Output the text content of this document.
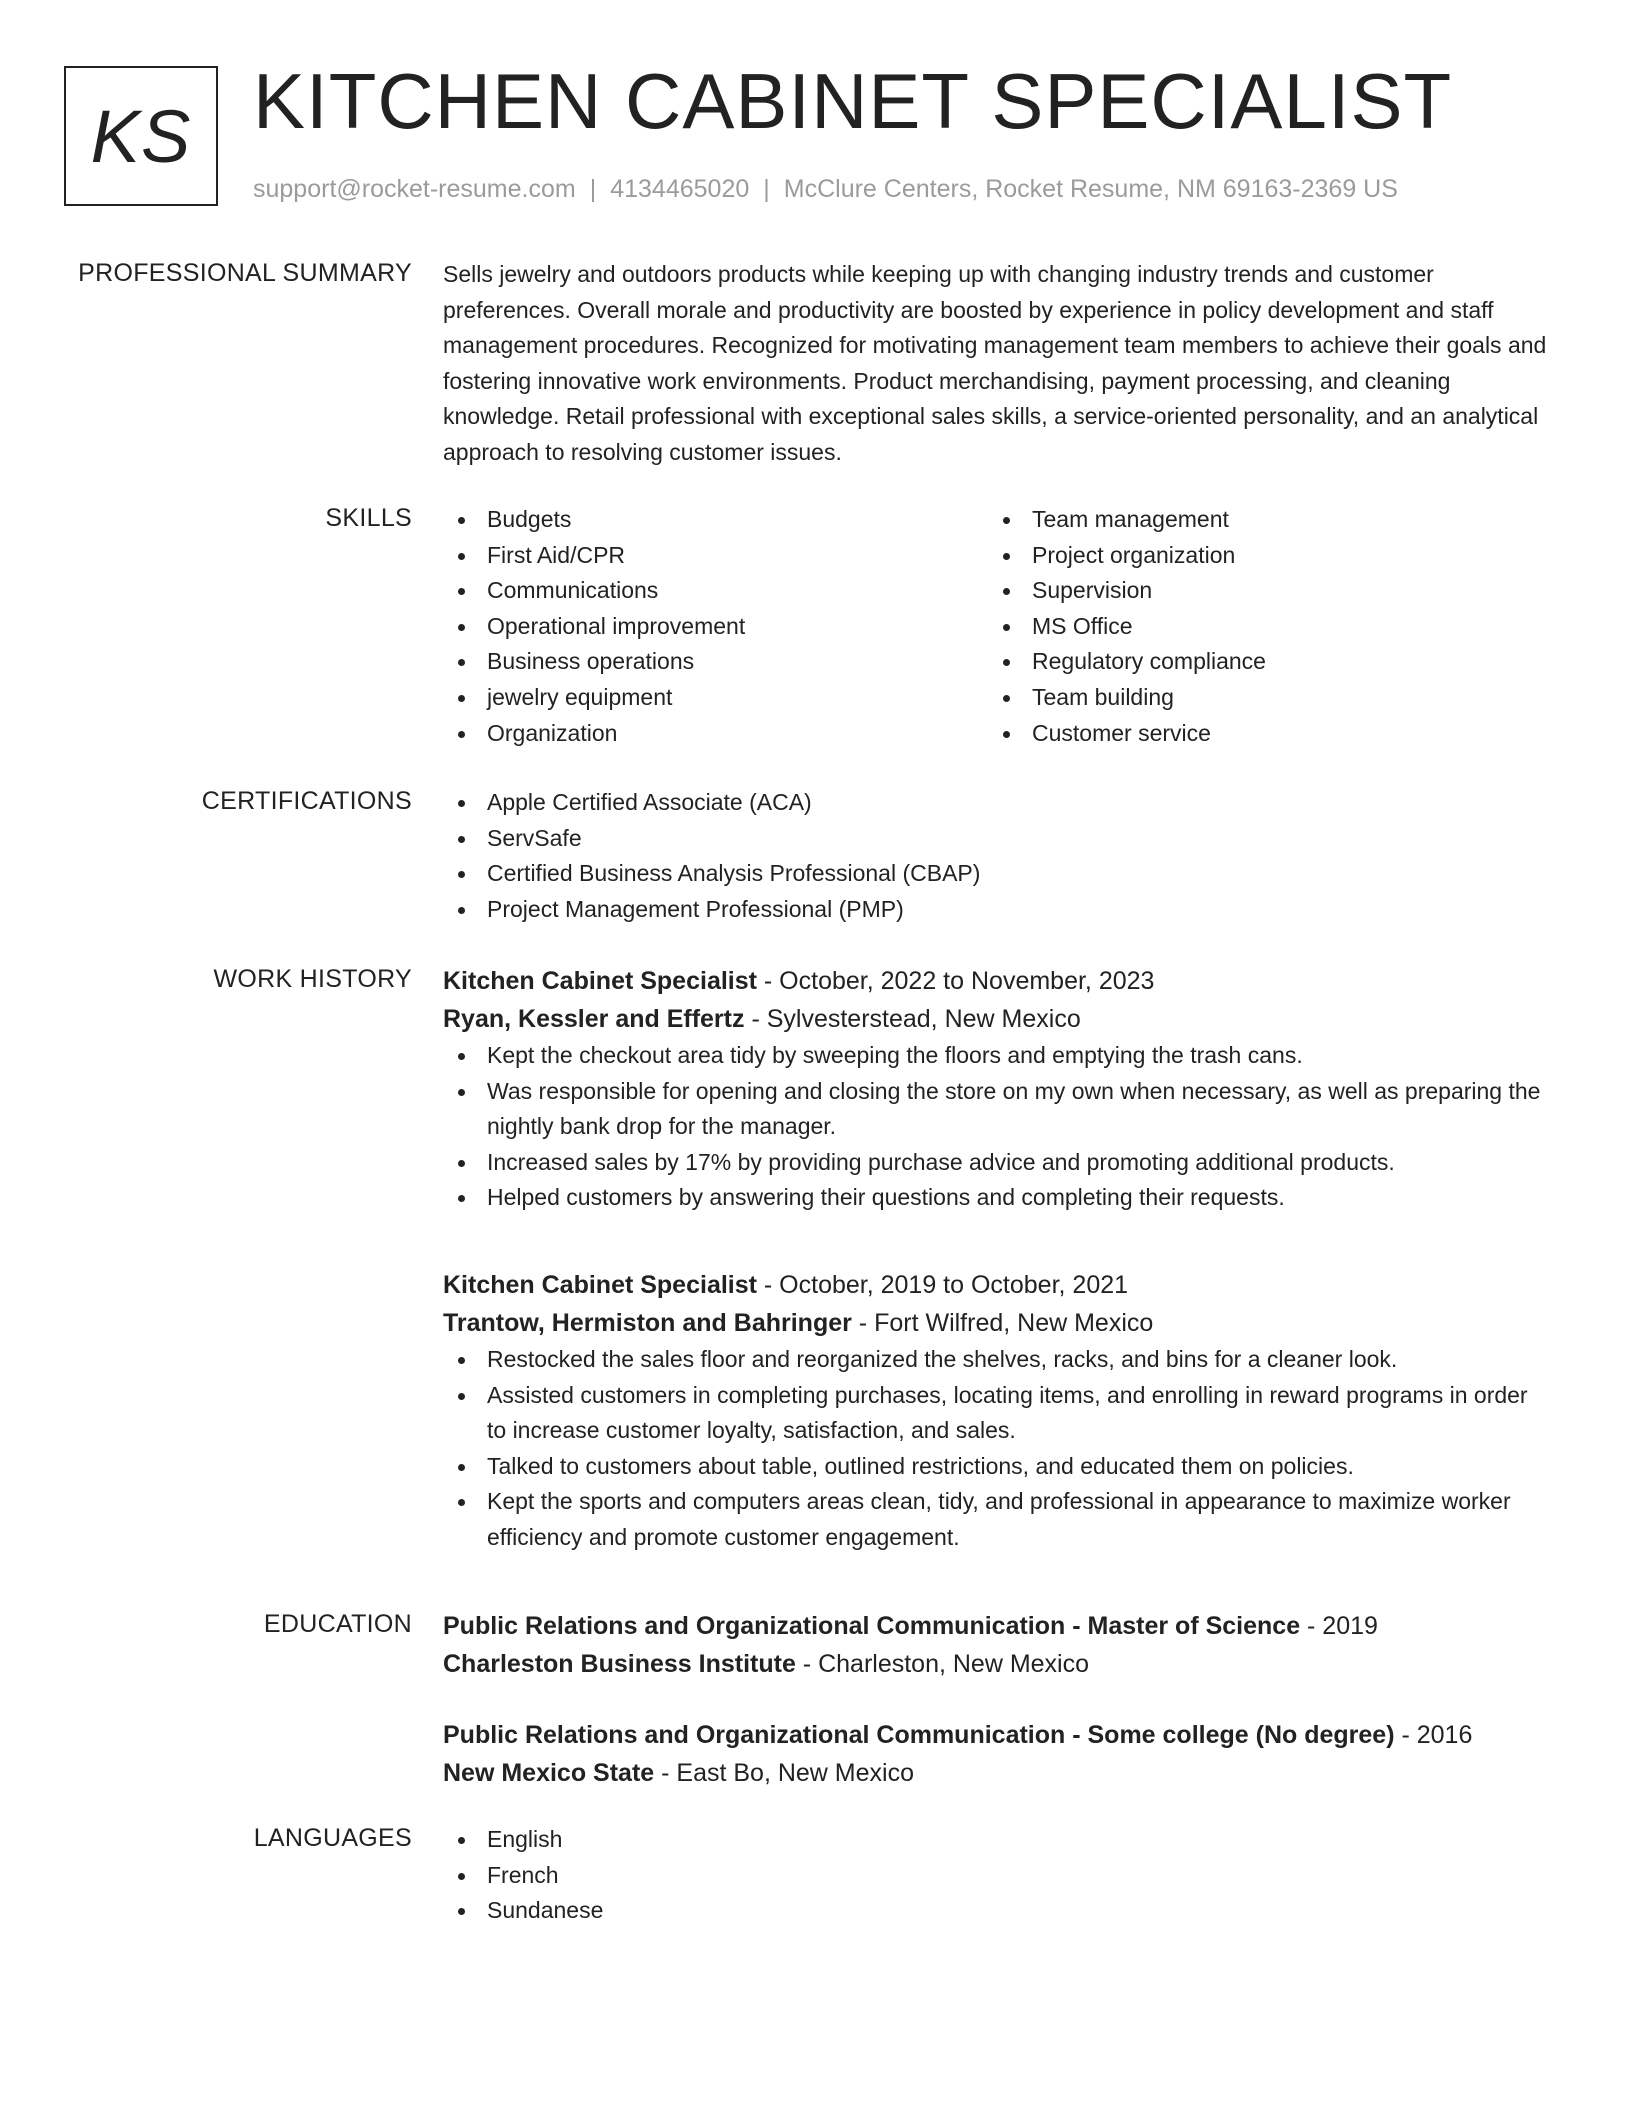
KS KITCHEN CABINET SPECIALIST
support@rocket-resume.com | 4134465020 | McClure Centers, Rocket Resume, NM 69163-2369 US
PROFESSIONAL SUMMARY Sells jewelry and outdoors products while keeping up with changing industry trends and customer preferences. Overall morale and productivity are boosted by experience in policy development and staff management procedures. Recognized for motivating management team members to achieve their goals and fostering innovative work environments. Product merchandising, payment processing, and cleaning knowledge. Retail professional with exceptional sales skills, a service-oriented personality, and an analytical approach to resolving customer issues.

SKILLS	Budgets
First Aid/CPR
Communications
Operational improvement
Business operations
jewelry equipment
Organization
Team management
Project organization
Supervision
MS Office
Regulatory compliance
Team building
Customer service
CERTIFICATIONS	Apple Certified Associate (ACA)
ServSafe
Certified Business Analysis Professional (CBAP)
Project Management Professional (PMP)
WORK HISTORY Kitchen Cabinet Specialist - October, 2022 to November, 2023
Ryan, Kessler and Effertz - Sylvesterstead, New Mexico
Kept the checkout area tidy by sweeping the floors and emptying the trash cans.
Was responsible for opening and closing the store on my own when necessary, as well as preparing the nightly bank drop for the manager.
Increased sales by 17% by providing purchase advice and promoting additional products.
Helped customers by answering their questions and completing their requests.
Kitchen Cabinet Specialist - October, 2019 to October, 2021
Trantow, Hermiston and Bahringer - Fort Wilfred, New Mexico
Restocked the sales floor and reorganized the shelves, racks, and bins for a cleaner look.
Assisted customers in completing purchases, locating items, and enrolling in reward programs in order to increase customer loyalty, satisfaction, and sales.
Talked to customers about table, outlined restrictions, and educated them on policies.
Kept the sports and computers areas clean, tidy, and professional in appearance to maximize worker efficiency and promote customer engagement.
EDUCATION Public Relations and Organizational Communication - Master of Science - 2019
Charleston Business Institute - Charleston, New Mexico
Public Relations and Organizational Communication - Some college (No degree) - 2016
New Mexico State - East Bo, New Mexico
LANGUAGES	English
French
Sundanese
